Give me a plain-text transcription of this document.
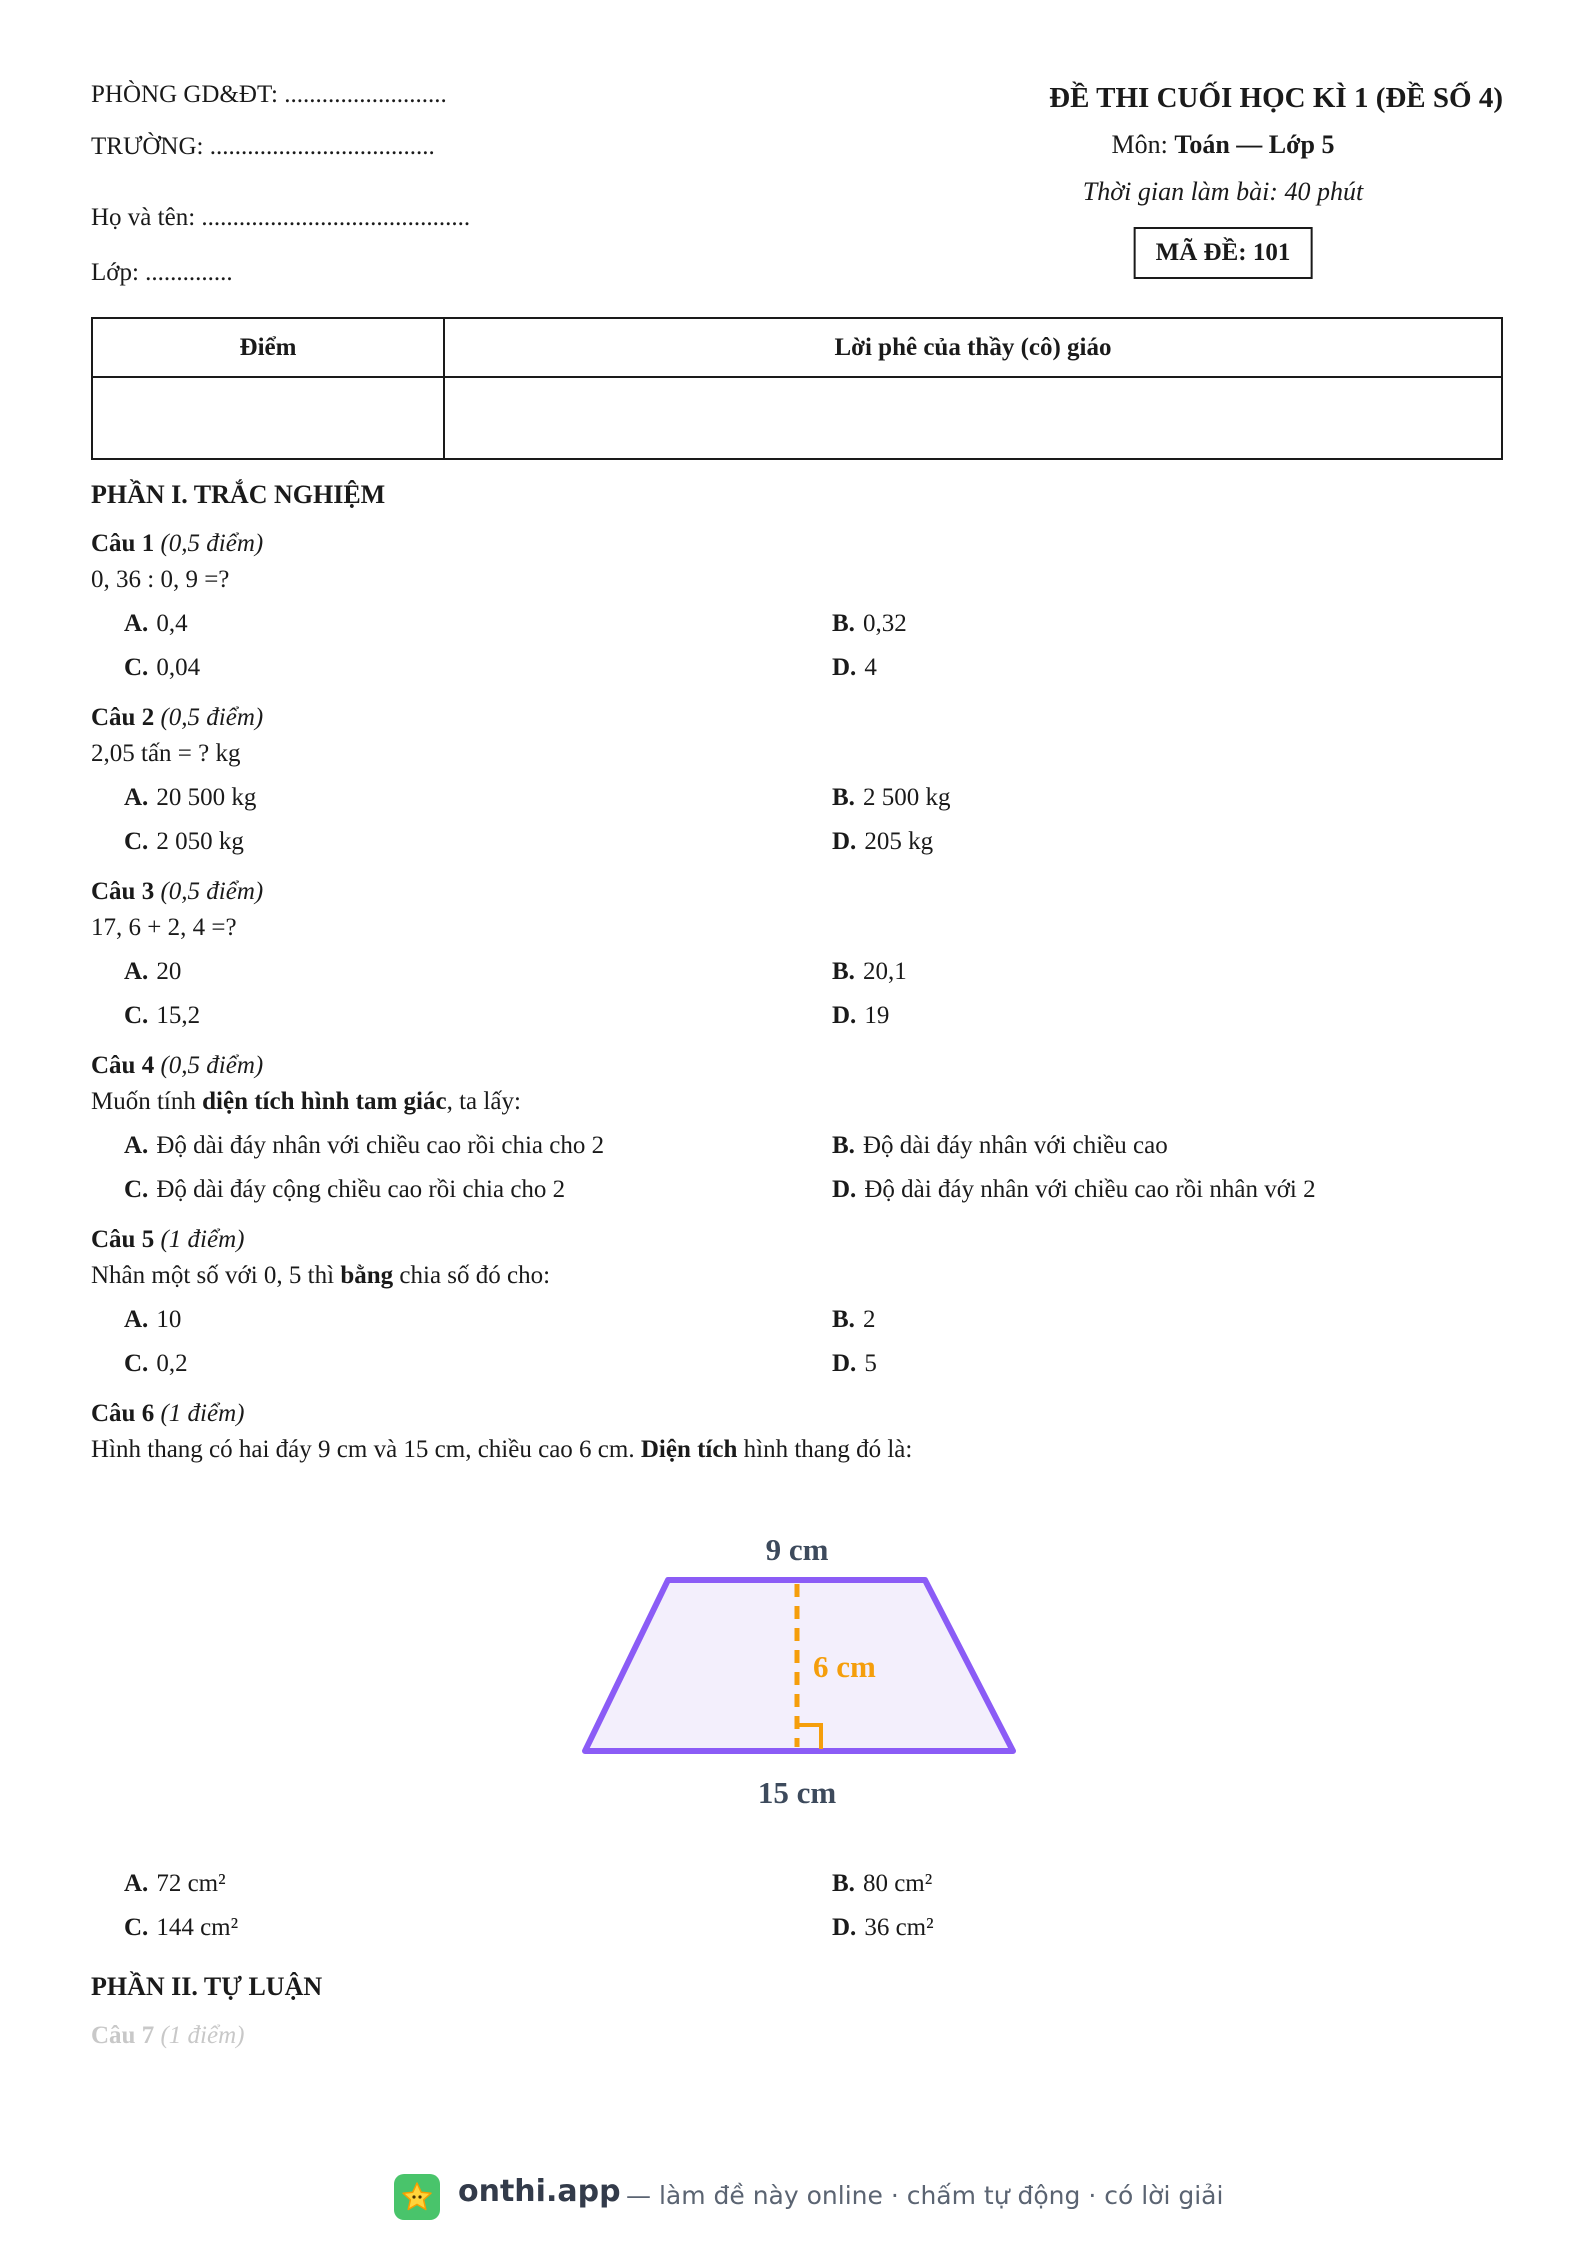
PHÒNG GD&ĐT: ..........................
TRƯỜNG: ....................................
Họ và tên: ...........................................
Lớp: ..............
ĐỀ THI CUỐI HỌC KÌ 1 (ĐỀ SỐ 4)
Môn: Toán — Lớp 5
Thời gian làm bài: 40 phút
MÃ ĐỀ: 101
Điểm	Lời phê của thầy (cô) giáo

PHẦN I. TRẮC NGHIỆM
Câu 1 (0,5 điểm)
0, 36 : 0, 9 =?
A. 0,4	B. 0,32
C. 0,04	D. 4
Câu 2 (0,5 điểm)
2,05 tấn = ? kg
A. 20 500 kg	B. 2 500 kg
C. 2 050 kg	D. 205 kg
Câu 3 (0,5 điểm)
17, 6 + 2, 4 =?
A. 20	B. 20,1
C. 15,2	D. 19
Câu 4 (0,5 điểm)
Muốn tính diện tích hình tam giác, ta lấy:
A. Độ dài đáy nhân với chiều cao rồi chia cho 2	B. Độ dài đáy nhân với chiều cao
C. Độ dài đáy cộng chiều cao rồi chia cho 2	D. Độ dài đáy nhân với chiều cao rồi nhân với 2
Câu 5 (1 điểm)
Nhân một số với 0, 5 thì bằng chia số đó cho:
A. 10	B. 2
C. 0,2	D. 5
Câu 6 (1 điểm)
Hình thang có hai đáy 9 cm và 15 cm, chiều cao 6 cm. Diện tích hình thang đó là:
9 cm
6 cm
15 cm
A. 72 cm²	B. 80 cm²
C. 144 cm²	D. 36 cm²
PHẦN II. TỰ LUẬN
Câu 7 (1 điểm)
onthi.app — làm đề này online · chấm tự động · có lời giải
